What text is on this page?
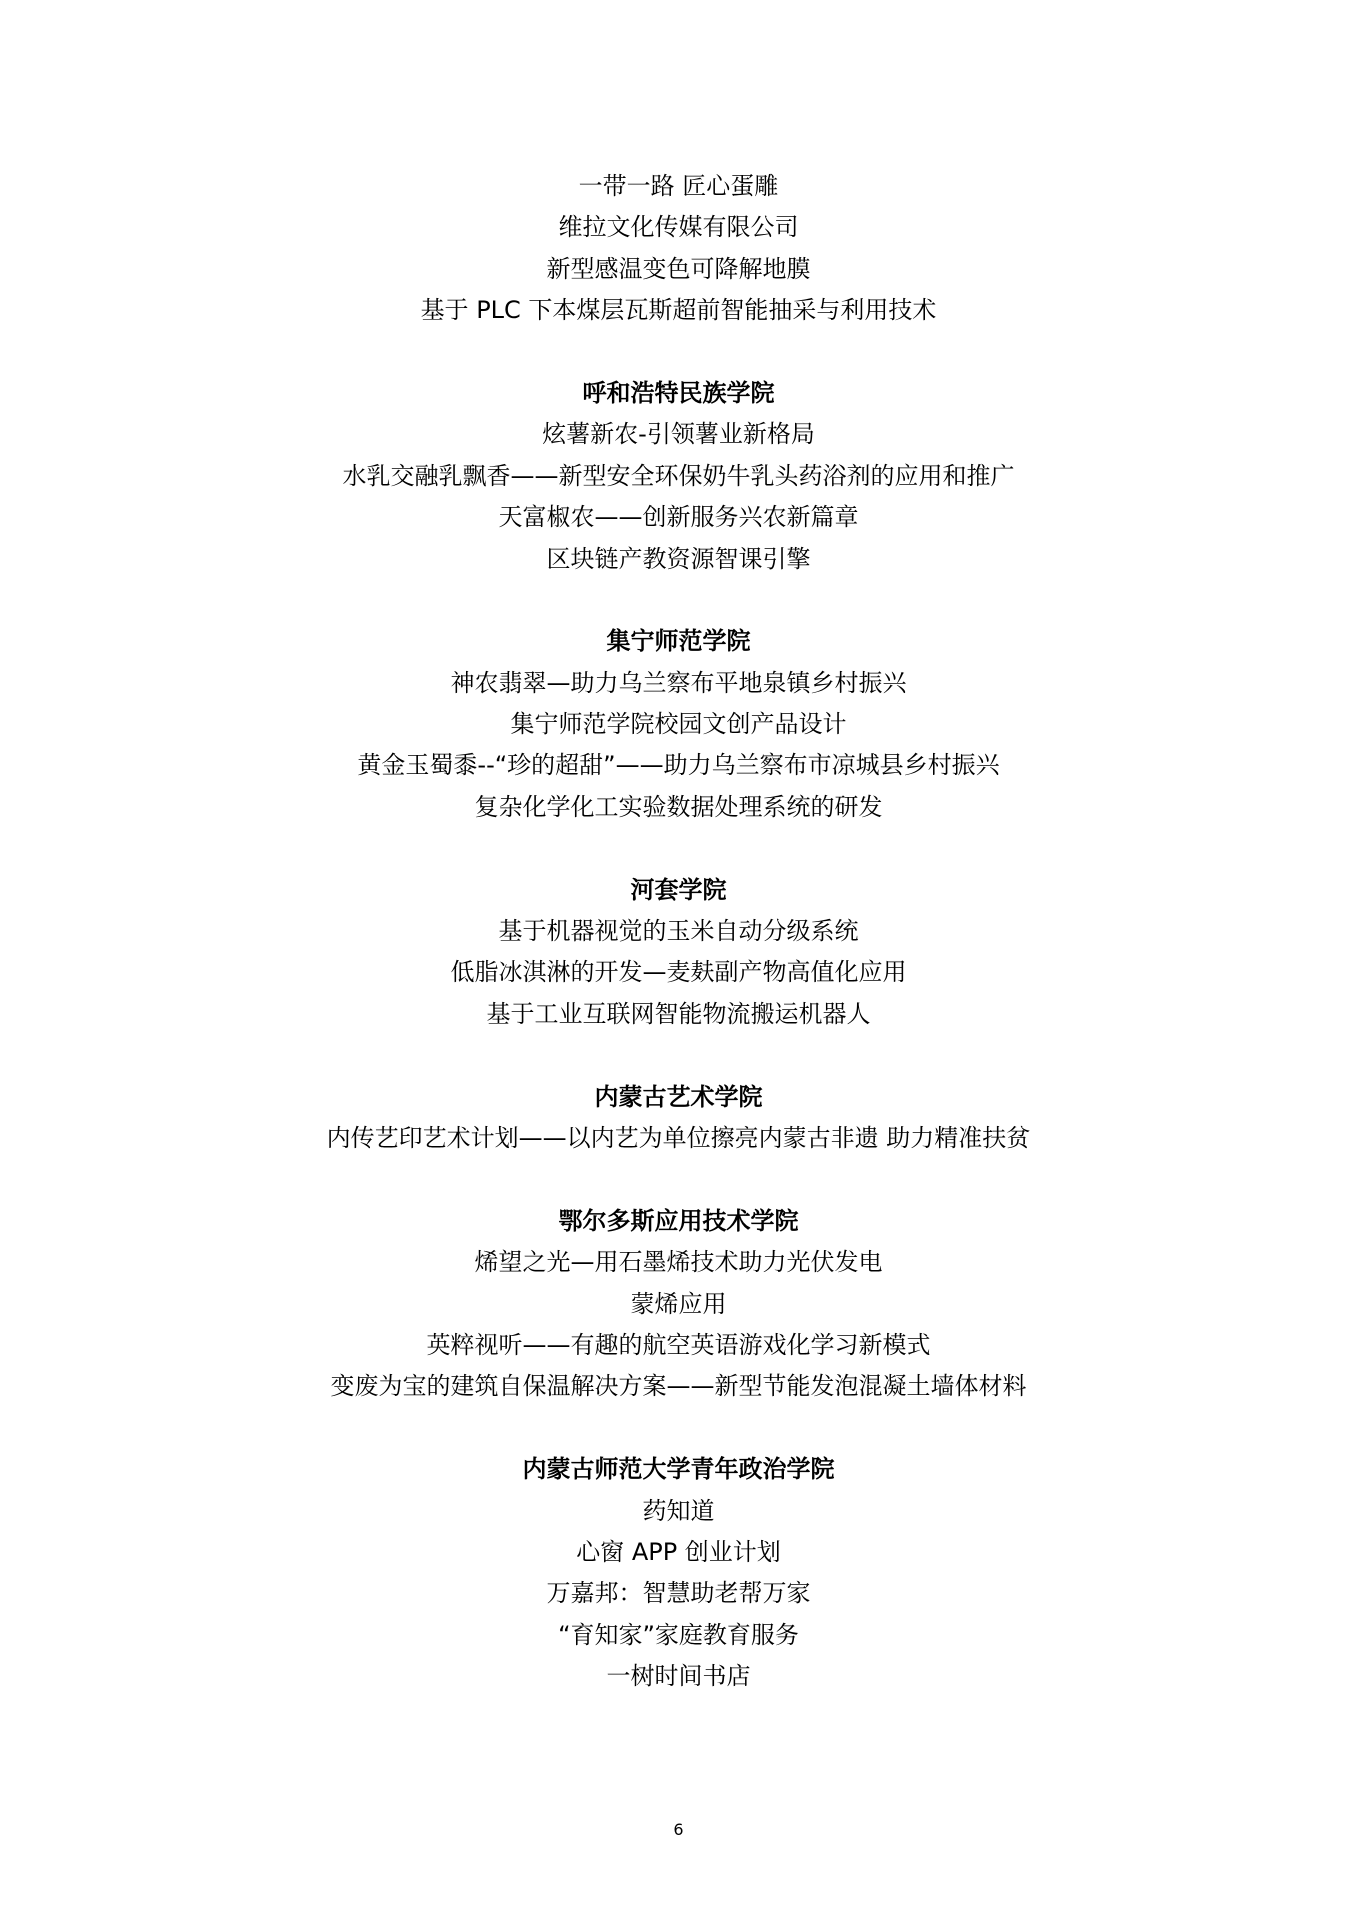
一带一路 匠心蛋雕

维拉文化传媒有限公司

新型感温变色可降解地膜

基于 PLC 下本煤层瓦斯超前智能抽采与利用技术

呼和浩特民族学院

炫薯新农-引领薯业新格局

水乳交融乳飘香——新型安全环保奶牛乳头药浴剂的应用和推广

天富椒农——创新服务兴农新篇章

区块链产教资源智课引擎

集宁师范学院

神农翡翠—助力乌兰察布平地泉镇乡村振兴

集宁师范学院校园文创产品设计

黄金玉蜀黍--“珍的超甜”——助力乌兰察布市凉城县乡村振兴

复杂化学化工实验数据处理系统的研发

河套学院

基于机器视觉的玉米自动分级系统

低脂冰淇淋的开发—麦麸副产物高值化应用

基于工业互联网智能物流搬运机器人

内蒙古艺术学院

内传艺印艺术计划——以内艺为单位擦亮内蒙古非遗 助力精准扶贫

鄂尔多斯应用技术学院

烯望之光—用石墨烯技术助力光伏发电

蒙烯应用

英粹视听——有趣的航空英语游戏化学习新模式

变废为宝的建筑自保温解决方案——新型节能发泡混凝土墙体材料

内蒙古师范大学青年政治学院

药知道

心窗 APP 创业计划

万嘉邦：智慧助老帮万家

“育知家”家庭教育服务

一树时间书店

6
